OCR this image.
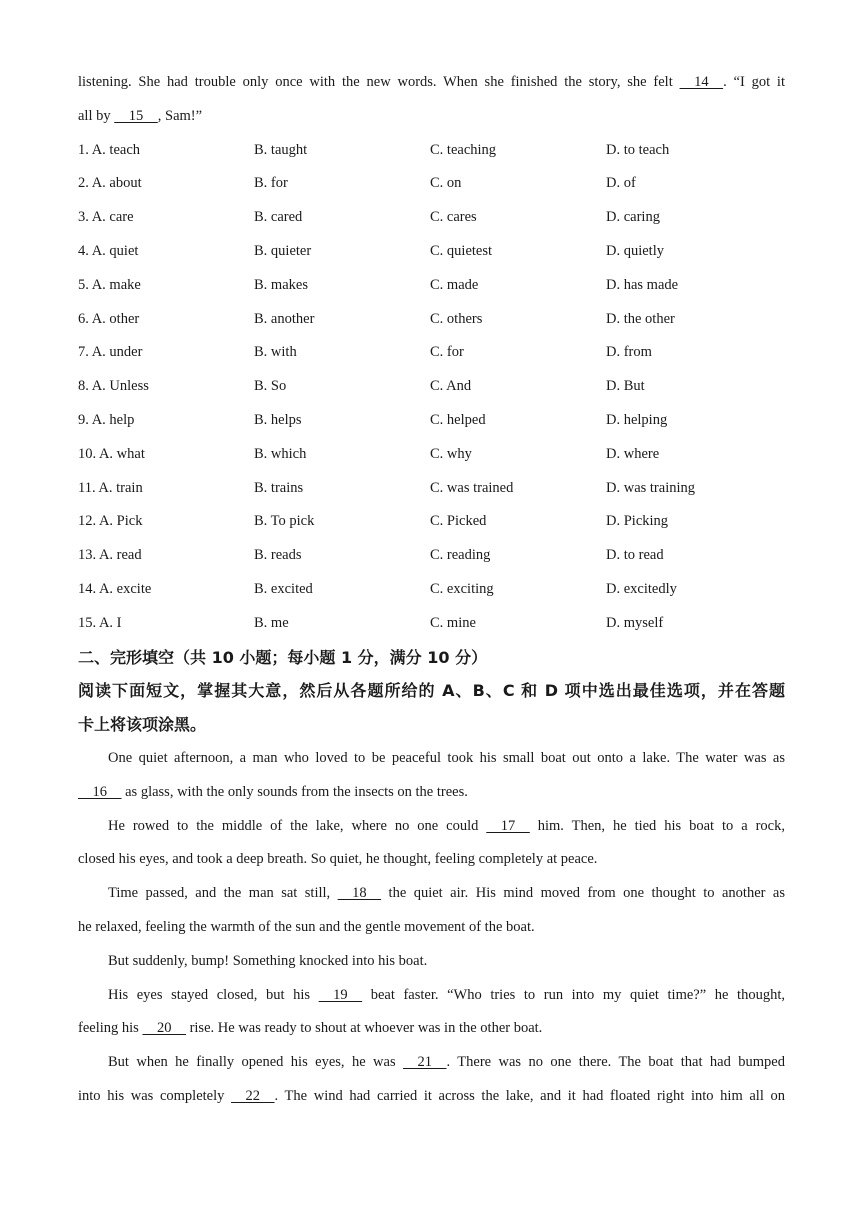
listening. She had trouble only once with the new words. When she finished the story, she felt     14    . “I got it
all by     15    , Sam!”
1. A. teach	B. taught	C. teaching	D. to teach
2. A. about	B. for	C. on	D. of
3. A. care	B. cared	C. cares	D. caring
4. A. quiet	B. quieter	C. quietest	D. quietly
5. A. make	B. makes	C. made	D. has made
6. A. other	B. another	C. others	D. the other
7. A. under	B. with	C. for	D. from
8. A. Unless	B. So	C. And	D. But
9. A. help	B. helps	C. helped	D. helping
10. A. what	B. which	C. why	D. where
11. A. train	B. trains	C. was trained	D. was training
12. A. Pick	B. To pick	C. Picked	D. Picking
13. A. read	B. reads	C. reading	D. to read
14. A. excite	B. excited	C. exciting	D. excitedly
15. A. I	B. me	C. mine	D. myself
二、完形填空（共 10 小题；每小题 1 分，满分 10 分）
阅读下面短文，掌握其大意，然后从各题所给的 A、B、C 和 D 项中选出最佳选项，并在答题
卡上将该项涂黑。
One quiet afternoon, a man who loved to be peaceful took his small boat out onto a lake. The water was as
16     as glass, with the only sounds from the insects on the trees.
He rowed to the middle of the lake, where no one could     17     him. Then, he tied his boat to a rock,
closed his eyes, and took a deep breath. So quiet, he thought, feeling completely at peace.
Time passed, and the man sat still,     18     the quiet air. His mind moved from one thought to another as
he relaxed, feeling the warmth of the sun and the gentle movement of the boat.
But suddenly, bump! Something knocked into his boat.
His eyes stayed closed, but his     19     beat faster. “Who tries to run into my quiet time?” he thought,
feeling his     20     rise. He was ready to shout at whoever was in the other boat.
But when he finally opened his eyes, he was     21    . There was no one there. The boat that had bumped
into his was completely     22    . The wind had carried it across the lake, and it had floated right into him all on
